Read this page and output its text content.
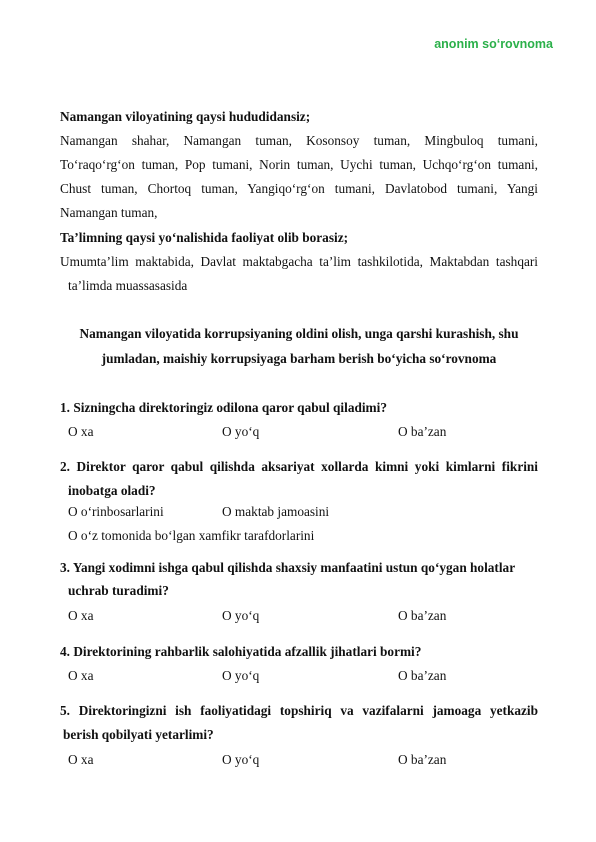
anonim so‘rovnoma
Namangan viloyatining qaysi hududidansiz;
Namangan shahar, Namangan tuman, Kosonsoy tuman, Mingbuloq tumani,
To‘raqo‘rg‘on tuman, Pop tumani, Norin tuman, Uychi tuman, Uchqo‘rg‘on tumani,
Chust tuman, Chortoq tuman, Yangiqo‘rg‘on tumani, Davlatobod tumani, Yangi
Namangan tuman,
Ta’limning qaysi yo‘nalishida faoliyat olib borasiz;
Umumta’lim maktabida, Davlat maktabgacha ta’lim tashkilotida, Maktabdan tashqari
ta’limda muassasasida
Namangan viloyatida korrupsiyaning oldini olish, unga qarshi kurashish, shu
jumladan, maishiy korrupsiyaga barham berish bo‘yicha so‘rovnoma
1. Sizningcha direktoringiz odilona qaror qabul qiladimi?
O xa	O yo‘q	O ba’zan
2. Direktor qaror qabul qilishda aksariyat xollarda kimni yoki kimlarni fikrini
inobatga oladi?
O o‘rinbosarlarini	O maktab jamoasini
O o‘z tomonida bo‘lgan xamfikr tarafdorlarini
3. Yangi xodimni ishga qabul qilishda shaxsiy manfaatini ustun qo‘ygan holatlar
uchrab turadimi?
O xa	O yo‘q	O ba’zan
4. Direktorining rahbarlik salohiyatida afzallik jihatlari bormi?
O xa	O yo‘q	O ba’zan
5. Direktoringizni ish faoliyatidagi topshiriq va vazifalarni jamoaga yetkazib
berish qobilyati yetarlimi?
O xa	O yo‘q	O ba’zan
